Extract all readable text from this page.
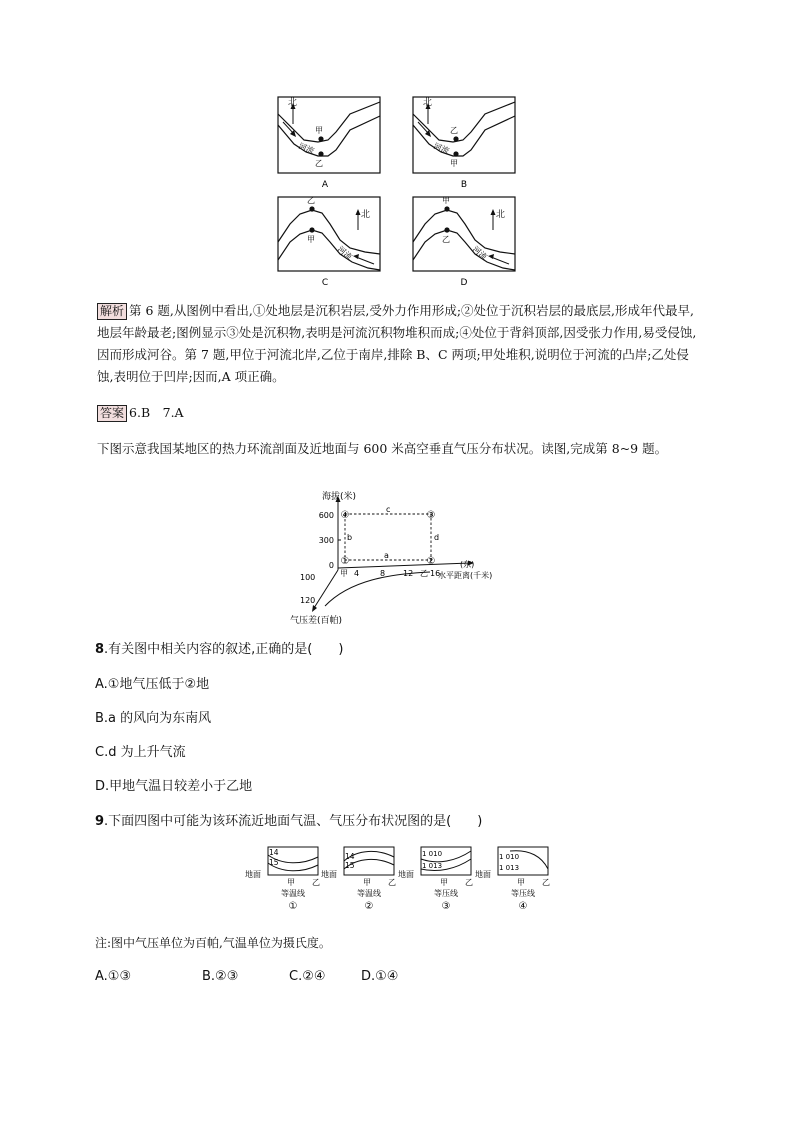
北
河流
甲
乙
A
北
河流
乙
甲
B
乙
甲
北
河流
C
甲
乙
北
河流
D
解析 第 6 题,从图例中看出,①处地层是沉积岩层,受外力作用形成;②处位于沉积岩层的最底层,形成年代最早,地层年龄最老;图例显示③处是沉积物,表明是河流沉积物堆积而成;④处位于背斜顶部,因受张力作用,易受侵蚀,因而形成河谷。第 7 题,甲位于河流北岸,乙位于南岸,排除 B、C 两项;甲处堆积,说明位于河流的凸岸;乙处侵蚀,表明位于凹岸;因而,A 项正确。
答案 6.B　7.A
下图示意我国某地区的热力环流剖面及近地面与 600 米高空垂直气压分布状况。读图,完成第 8~9 题。
海拔(米)
600
300
0
④	③
①	②
c
b	d
a
甲 4	8 12 乙 16
(东)
水平距离(千米)
100
120
气压差(百帕)
8.有关图中相关内容的叙述,正确的是(　　)
A.①地气压低于②地
B.a 的风向为东南风
C.d 为上升气流
D.甲地气温日较差小于乙地
9.下面四图中可能为该环流近地面气温、气压分布状况图的是(　　)
14
15
地面
甲 乙
等温线
①
14
15
地面
甲 乙
等温线
②
1 010
1 013
地面
甲 乙
等压线
③
1 010
1 013
地面
甲 乙
等压线
④
注:图中气压单位为百帕,气温单位为摄氏度。
A.①③	B.②③	C.②④	D.①④
